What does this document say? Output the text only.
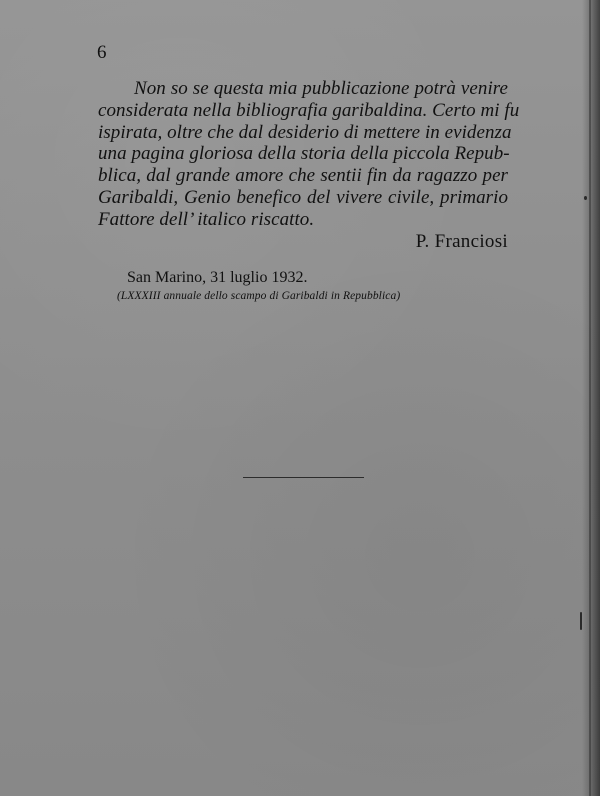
6
Non so se questa mia pubblicazione potrà venire
considerata nella bibliografia garibaldina. Certo mi fu
ispirata, oltre che dal desiderio di mettere in evidenza
una pagina gloriosa della storia della piccola Repub-
blica, dal grande amore che sentii fin da ragazzo per
Garibaldi, Genio benefico del vivere civile, primario
Fattore dell’ italico riscatto.
P. Franciosi
San Marino, 31 luglio 1932.
(LXXXIII annuale dello scampo di Garibaldi in Repubblica)
